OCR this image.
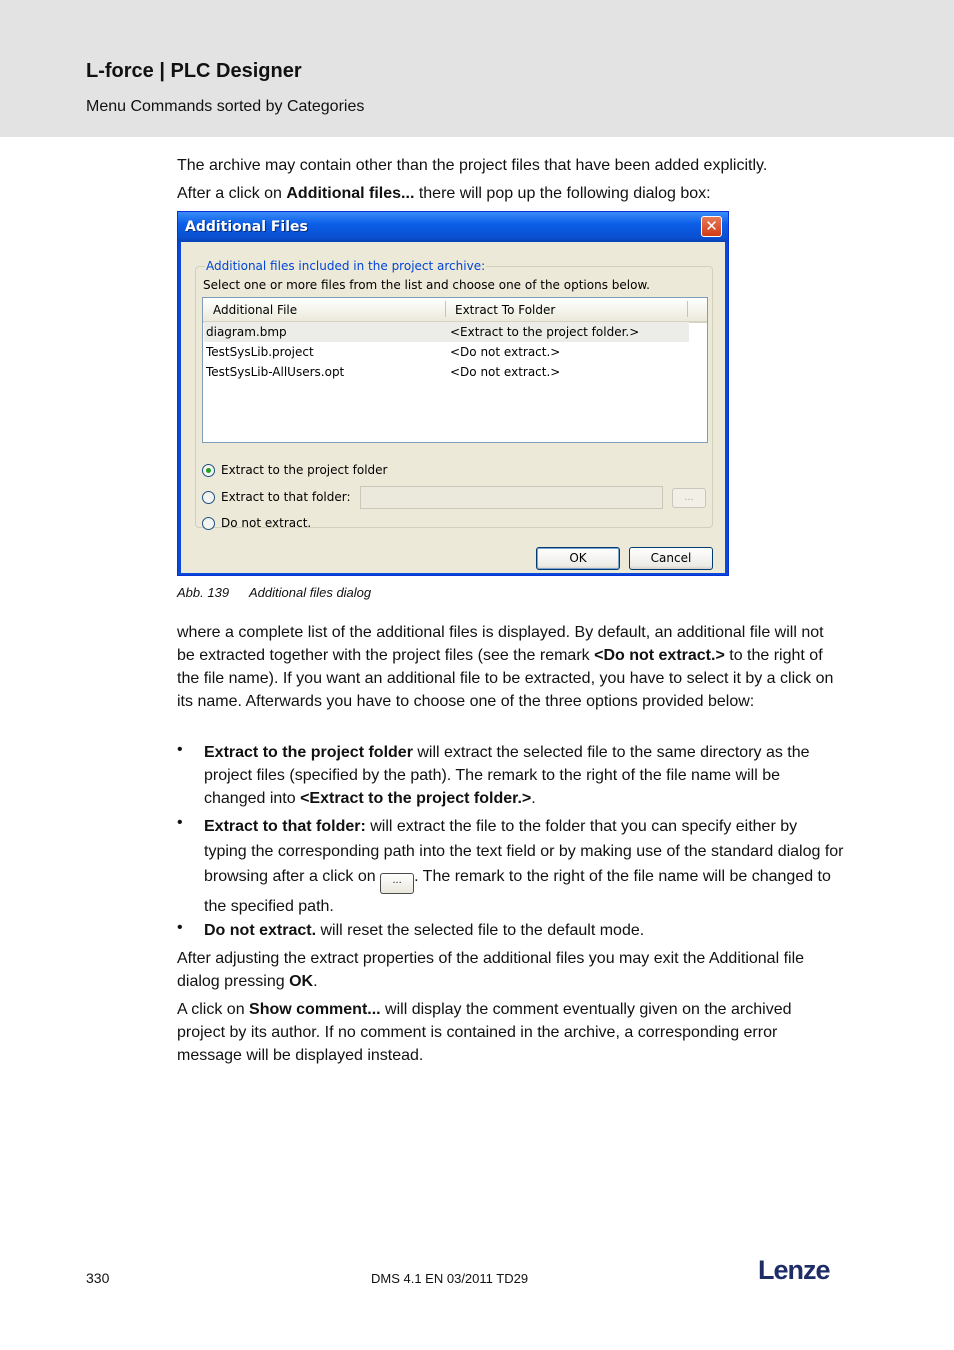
L-force | PLC Designer
Menu Commands sorted by Categories
The archive may contain other than the project files that have been added explicitly.
After a click on Additional files... there will pop up the following dialog box:
Additional Files	✕
Additional files included in the project archive:
Select one or more files from the list and choose one of the options below.
Additional File	Extract To Folder
diagram.bmp	<Extract to the project folder.>
TestSysLib.project	<Do not extract.>
TestSysLib-AllUsers.opt	<Do not extract.>
Extract to the project folder
Extract to that folder:	...
Do not extract.
OK	Cancel
Abb. 139 Additional files dialog
where a complete list of the additional files is displayed. By default, an additional file will not be extracted together with the project files (see the remark <Do not extract.> to the right of the file name). If you want an additional file to be extracted, you have to select it by a click on its name. Afterwards you have to choose one of the three options provided below:
• Extract to the project folder will extract the selected file to the same directory as the project files (specified by the path). The remark to the right of the file name will be changed into <Extract to the project folder.>.
• Extract to that folder: will extract the file to the folder that you can specify either by typing the corresponding path into the text field or by making use of the standard dialog for browsing after a click on ... . The remark to the right of the file name will be changed to the specified path.
• Do not extract. will reset the selected file to the default mode.
After adjusting the extract properties of the additional files you may exit the Additional file dialog pressing OK.
A click on Show comment... will display the comment eventually given on the archived project by its author. If no comment is contained in the archive, a corresponding error message will be displayed instead.
330	DMS 4.1 EN 03/2011 TD29	Lenze
